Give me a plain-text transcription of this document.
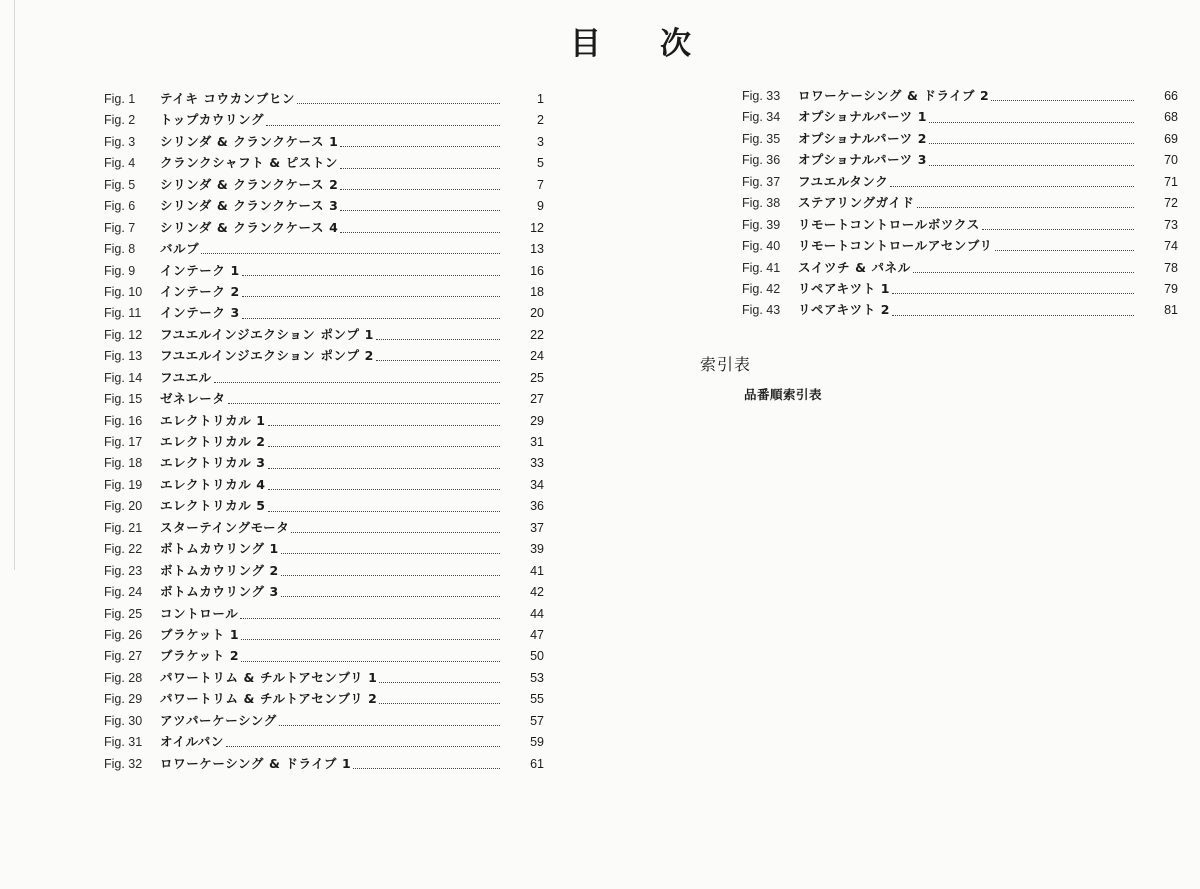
目 次
Fig. 1	テイキ コウカンブヒン	1
Fig. 2	トップカウリング	2
Fig. 3	シリンダ & クランクケース 1	3
Fig. 4	クランクシャフト & ピストン	5
Fig. 5	シリンダ & クランクケース 2	7
Fig. 6	シリンダ & クランクケース 3	9
Fig. 7	シリンダ & クランクケース 4	12
Fig. 8	バルブ	13
Fig. 9	インテーク 1	16
Fig. 10	インテーク 2	18
Fig. 11	インテーク 3	20
Fig. 12	フユエルインジエクション ポンプ 1	22
Fig. 13	フユエルインジエクション ポンプ 2	24
Fig. 14	フユエル	25
Fig. 15	ゼネレータ	27
Fig. 16	エレクトリカル 1	29
Fig. 17	エレクトリカル 2	31
Fig. 18	エレクトリカル 3	33
Fig. 19	エレクトリカル 4	34
Fig. 20	エレクトリカル 5	36
Fig. 21	スターテイングモータ	37
Fig. 22	ボトムカウリング 1	39
Fig. 23	ボトムカウリング 2	41
Fig. 24	ボトムカウリング 3	42
Fig. 25	コントロール	44
Fig. 26	ブラケット 1	47
Fig. 27	ブラケット 2	50
Fig. 28	パワートリム & チルトアセンブリ 1	53
Fig. 29	パワートリム & チルトアセンブリ 2	55
Fig. 30	アツパーケーシング	57
Fig. 31	オイルパン	59
Fig. 32	ロワーケーシング & ドライブ 1	61
Fig. 33	ロワーケーシング & ドライブ 2	66
Fig. 34	オプショナルパーツ 1	68
Fig. 35	オプショナルパーツ 2	69
Fig. 36	オプショナルパーツ 3	70
Fig. 37	フユエルタンク	71
Fig. 38	ステアリングガイド	72
Fig. 39	リモートコントロールボツクス	73
Fig. 40	リモートコントロールアセンブリ	74
Fig. 41	スイツチ & パネル	78
Fig. 42	リペアキツト 1	79
Fig. 43	リペアキツト 2	81
索引表
品番順索引表
